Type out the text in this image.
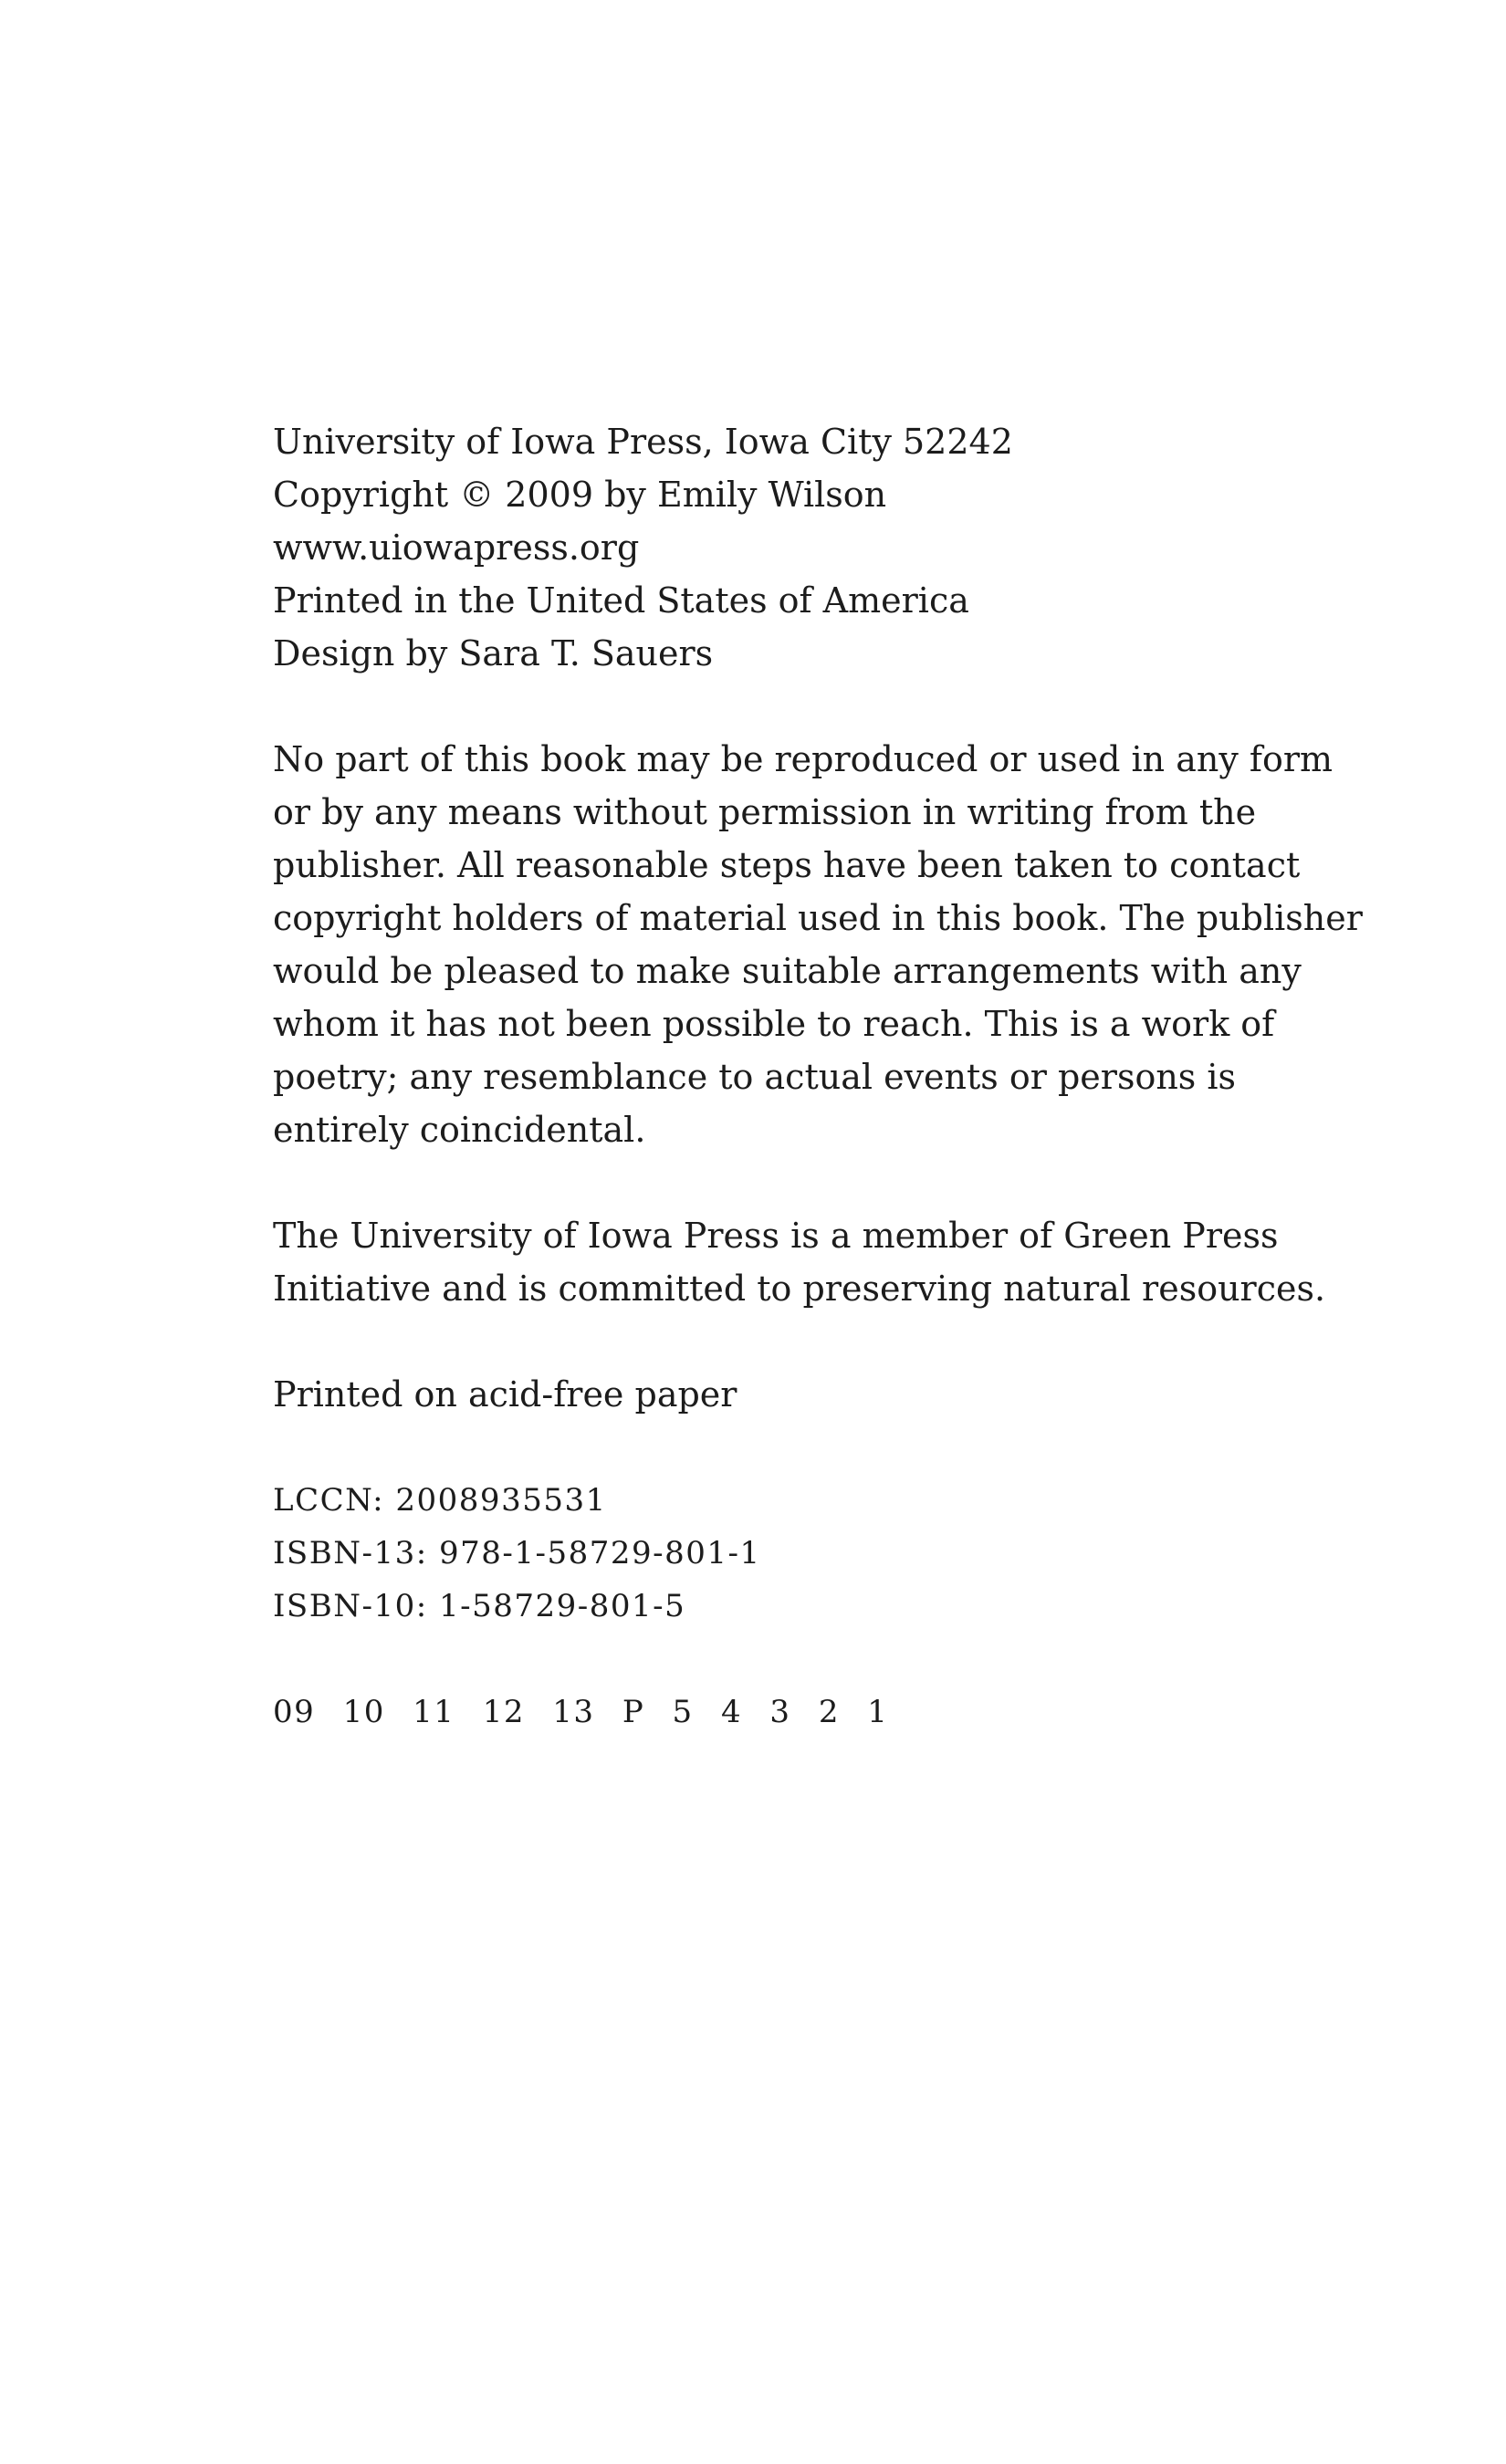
University of Iowa Press, Iowa City 52242
Copyright © 2009 by Emily Wilson
www.uiowapress.org
Printed in the United States of America
Design by Sara T. Sauers
No part of this book may be reproduced or used in any form
or by any means without permission in writing from the
publisher. All reasonable steps have been taken to contact
copyright holders of material used in this book. The publisher
would be pleased to make suitable arrangements with any
whom it has not been possible to reach. This is a work of
poetry; any resemblance to actual events or persons is
entirely coincidental.
The University of Iowa Press is a member of Green Press
Initiative and is committed to preserving natural resources.
Printed on acid-free paper
LCCN: 2008935531
ISBN-13: 978-1-58729-801-1
ISBN-10: 1-58729-801-5
09 10 11 12 13 P 5 4 3 2 1
